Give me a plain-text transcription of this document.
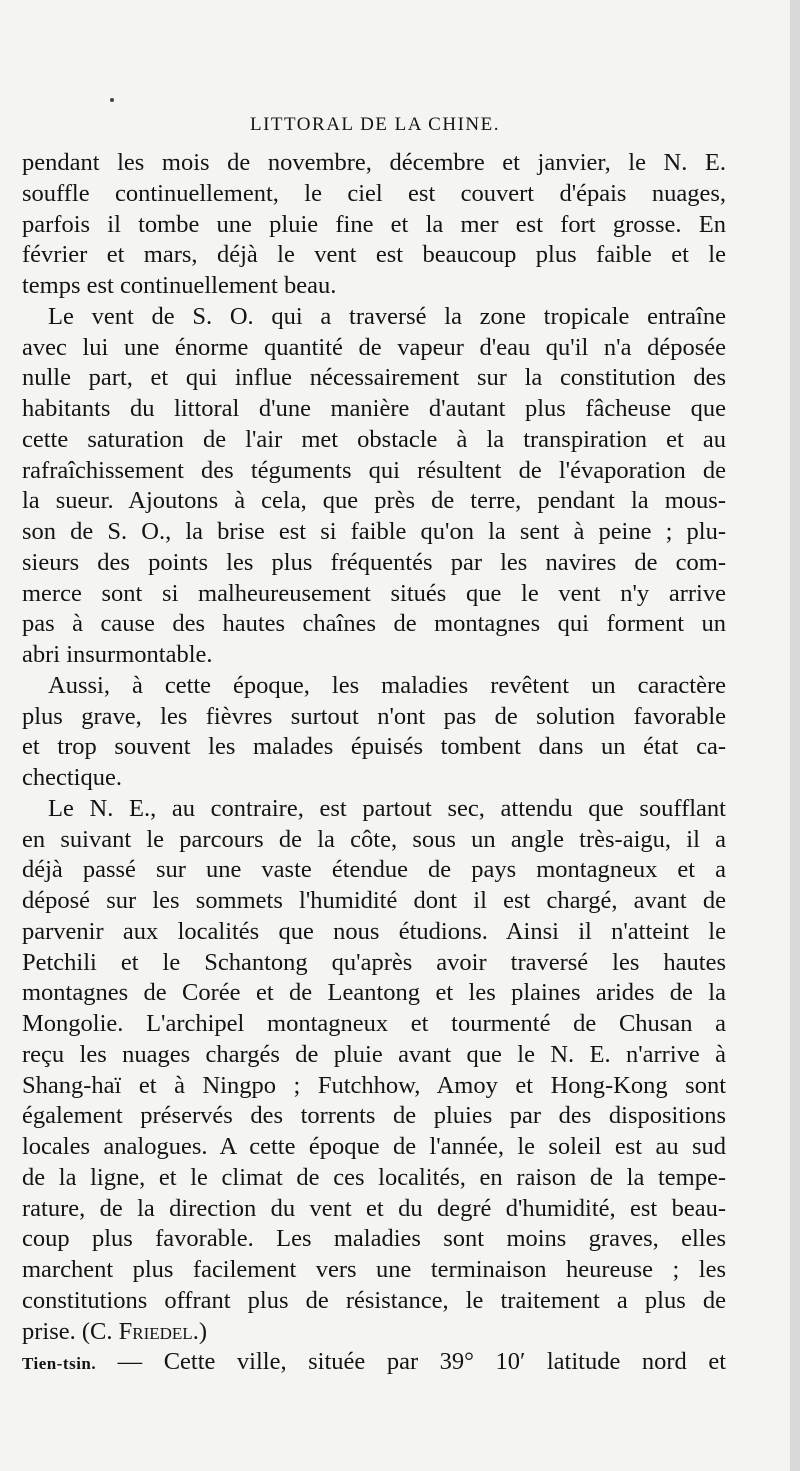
LITTORAL DE LA CHINE.
pendant les mois de novembre, décembre et janvier, le N. E.
souffle continuellement, le ciel est couvert d'épais nuages,
parfois il tombe une pluie fine et la mer est fort grosse. En
février et mars, déjà le vent est beaucoup plus faible et le
temps est continuellement beau.
Le vent de S. O. qui a traversé la zone tropicale entraîne
avec lui une énorme quantité de vapeur d'eau qu'il n'a déposée
nulle part, et qui influe nécessairement sur la constitution des
habitants du littoral d'une manière d'autant plus fâcheuse que
cette saturation de l'air met obstacle à la transpiration et au
rafraîchissement des téguments qui résultent de l'évaporation de
la sueur. Ajoutons à cela, que près de terre, pendant la mous-
son de S. O., la brise est si faible qu'on la sent à peine ; plu-
sieurs des points les plus fréquentés par les navires de com-
merce sont si malheureusement situés que le vent n'y arrive
pas à cause des hautes chaînes de montagnes qui forment un
abri insurmontable.
Aussi, à cette époque, les maladies revêtent un caractère
plus grave, les fièvres surtout n'ont pas de solution favorable
et trop souvent les malades épuisés tombent dans un état ca-
chectique.
Le N. E., au contraire, est partout sec, attendu que soufflant
en suivant le parcours de la côte, sous un angle très-aigu, il a
déjà passé sur une vaste étendue de pays montagneux et a
déposé sur les sommets l'humidité dont il est chargé, avant de
parvenir aux localités que nous étudions. Ainsi il n'atteint le
Petchili et le Schantong qu'après avoir traversé les hautes
montagnes de Corée et de Leantong et les plaines arides de la
Mongolie. L'archipel montagneux et tourmenté de Chusan a
reçu les nuages chargés de pluie avant que le N. E. n'arrive à
Shang-haï et à Ningpo ; Futchhow, Amoy et Hong-Kong sont
également préservés des torrents de pluies par des dispositions
locales analogues. A cette époque de l'année, le soleil est au sud
de la ligne, et le climat de ces localités, en raison de la tempe-
rature, de la direction du vent et du degré d'humidité, est beau-
coup plus favorable. Les maladies sont moins graves, elles
marchent plus facilement vers une terminaison heureuse ; les
constitutions offrant plus de résistance, le traitement a plus de
prise. (C. Friedel.)
Tien-tsin. — Cette ville, située par 39° 10′ latitude nord et
